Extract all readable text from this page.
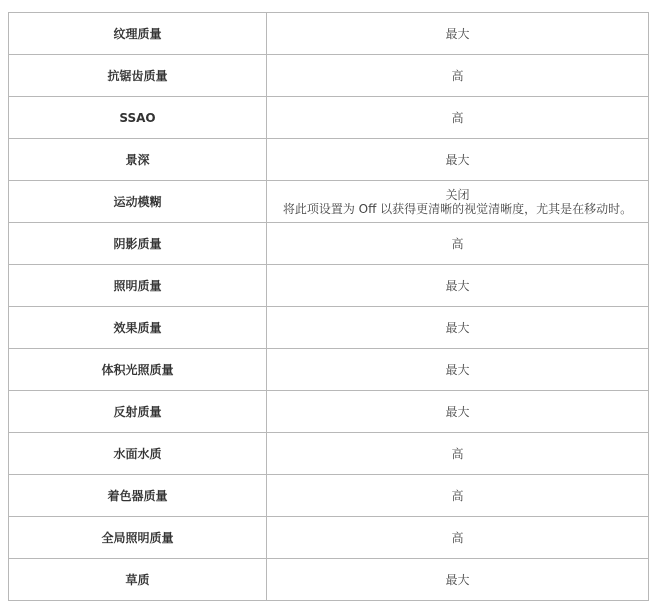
纹理质量	最大
抗锯齿质量	高
SSAO	高
景深	最大
运动模糊	关闭
将此项设置为 Off 以获得更清晰的视觉清晰度，尤其是在移动时。

阴影质量	高
照明质量	最大
效果质量	最大
体积光照质量	最大
反射质量	最大
水面水质	高
着色器质量	高
全局照明质量	高
草质	最大
